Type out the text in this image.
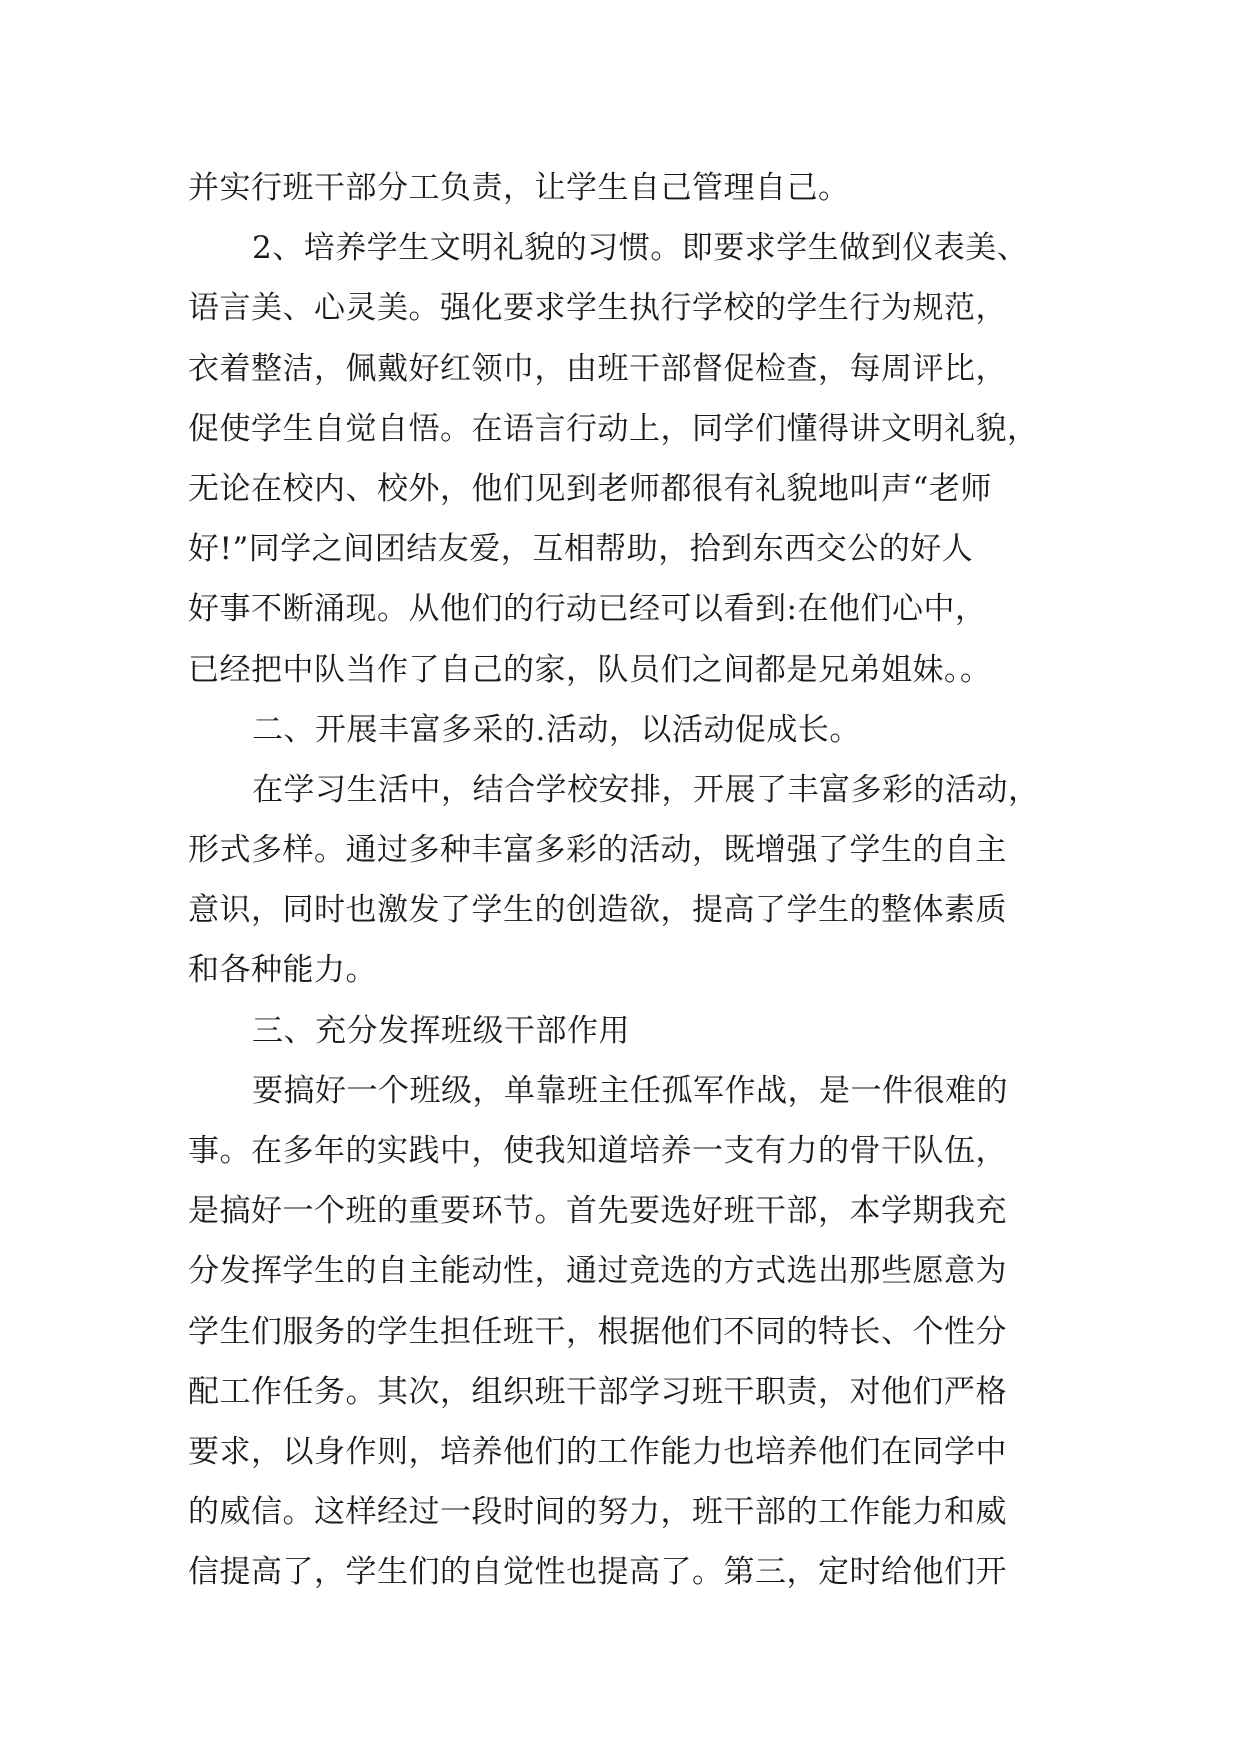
并实行班干部分工负责，让学生自己管理自己。
2、培养学生文明礼貌的习惯。即要求学生做到仪表美、
语言美、心灵美。强化要求学生执行学校的学生行为规范，
衣着整洁，佩戴好红领巾，由班干部督促检查，每周评比，
促使学生自觉自悟。在语言行动上，同学们懂得讲文明礼貌，
无论在校内、校外，他们见到老师都很有礼貌地叫声“老师
好!”同学之间团结友爱，互相帮助，拾到东西交公的好人
好事不断涌现。从他们的行动已经可以看到:在他们心中，
已经把中队当作了自己的家，队员们之间都是兄弟姐妹。。
二、开展丰富多采的.活动，以活动促成长。
在学习生活中，结合学校安排，开展了丰富多彩的活动，
形式多样。通过多种丰富多彩的活动，既增强了学生的自主
意识，同时也激发了学生的创造欲，提高了学生的整体素质
和各种能力。
三、充分发挥班级干部作用
要搞好一个班级，单靠班主任孤军作战，是一件很难的
事。在多年的实践中，使我知道培养一支有力的骨干队伍，
是搞好一个班的重要环节。首先要选好班干部，本学期我充
分发挥学生的自主能动性，通过竞选的方式选出那些愿意为
学生们服务的学生担任班干，根据他们不同的特长、个性分
配工作任务。其次，组织班干部学习班干职责，对他们严格
要求，以身作则，培养他们的工作能力也培养他们在同学中
的威信。这样经过一段时间的努力，班干部的工作能力和威
信提高了，学生们的自觉性也提高了。第三，定时给他们开
